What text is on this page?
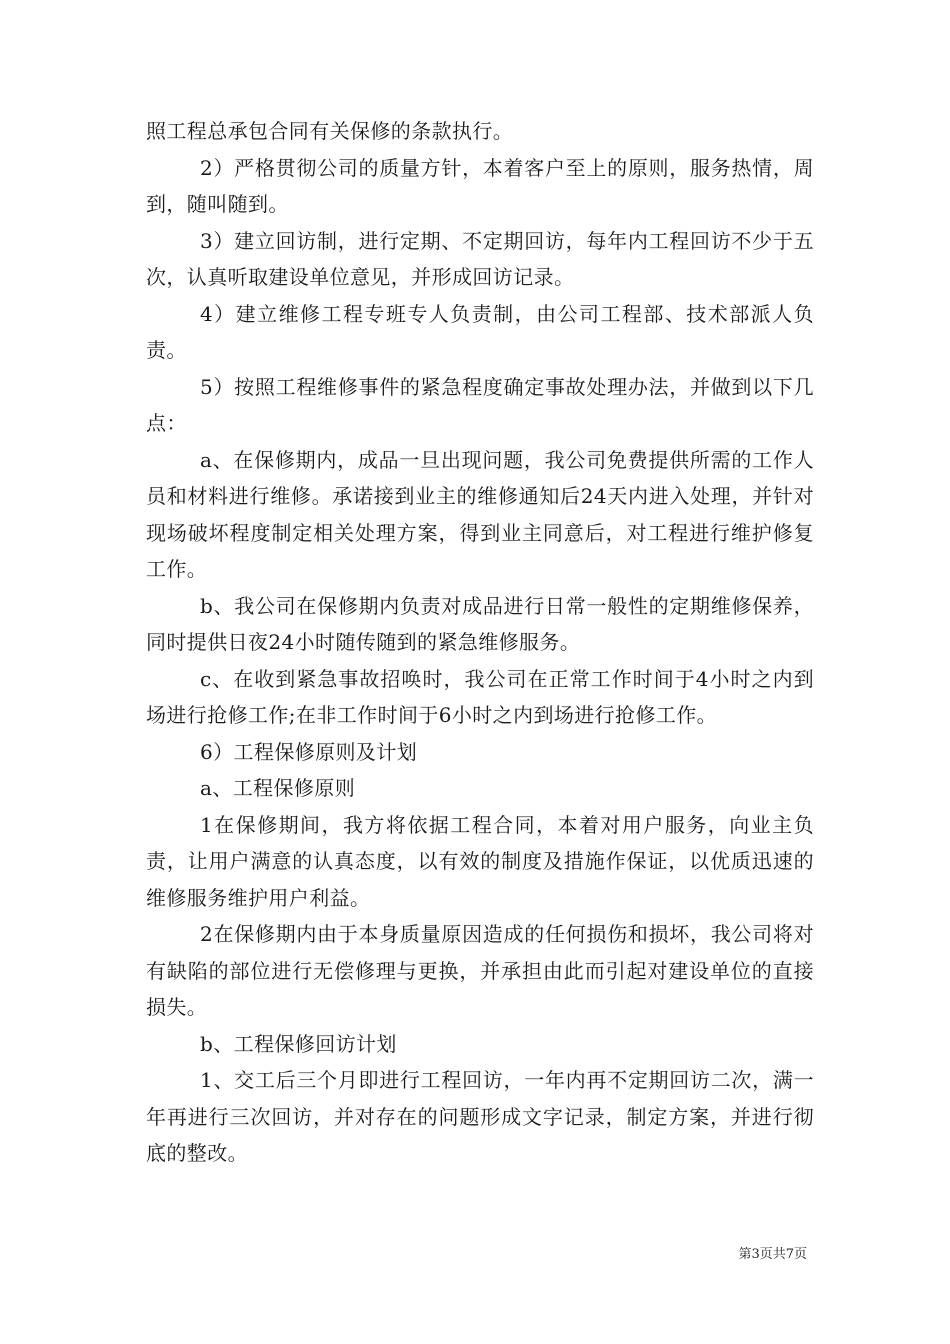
照工程总承包合同有关保修的条款执行。

2）严格贯彻公司的质量方针，本着客户至上的原则，服务热情，周到，随叫随到。

3）建立回访制，进行定期、不定期回访，每年内工程回访不少于五次，认真听取建设单位意见，并形成回访记录。

4）建立维修工程专班专人负责制，由公司工程部、技术部派人负责。

5）按照工程维修事件的紧急程度确定事故处理办法，并做到以下几点：

a、在保修期内，成品一旦出现问题，我公司免费提供所需的工作人员和材料进行维修。承诺接到业主的维修通知后24天内进入处理，并针对现场破坏程度制定相关处理方案，得到业主同意后，对工程进行维护修复工作。

b、我公司在保修期内负责对成品进行日常一般性的定期维修保养，同时提供日夜24小时随传随到的紧急维修服务。

c、在收到紧急事故招唤时，我公司在正常工作时间于4小时之内到场进行抢修工作;在非工作时间于6小时之内到场进行抢修工作。

6）工程保修原则及计划

a、工程保修原则

1在保修期间，我方将依据工程合同，本着对用户服务，向业主负责，让用户满意的认真态度，以有效的制度及措施作保证，以优质迅速的维修服务维护用户利益。

2在保修期内由于本身质量原因造成的任何损伤和损坏，我公司将对有缺陷的部位进行无偿修理与更换，并承担由此而引起对建设单位的直接损失。

b、工程保修回访计划

1、交工后三个月即进行工程回访，一年内再不定期回访二次，满一年再进行三次回访，并对存在的问题形成文字记录，制定方案，并进行彻底的整改。

第3页共7页
